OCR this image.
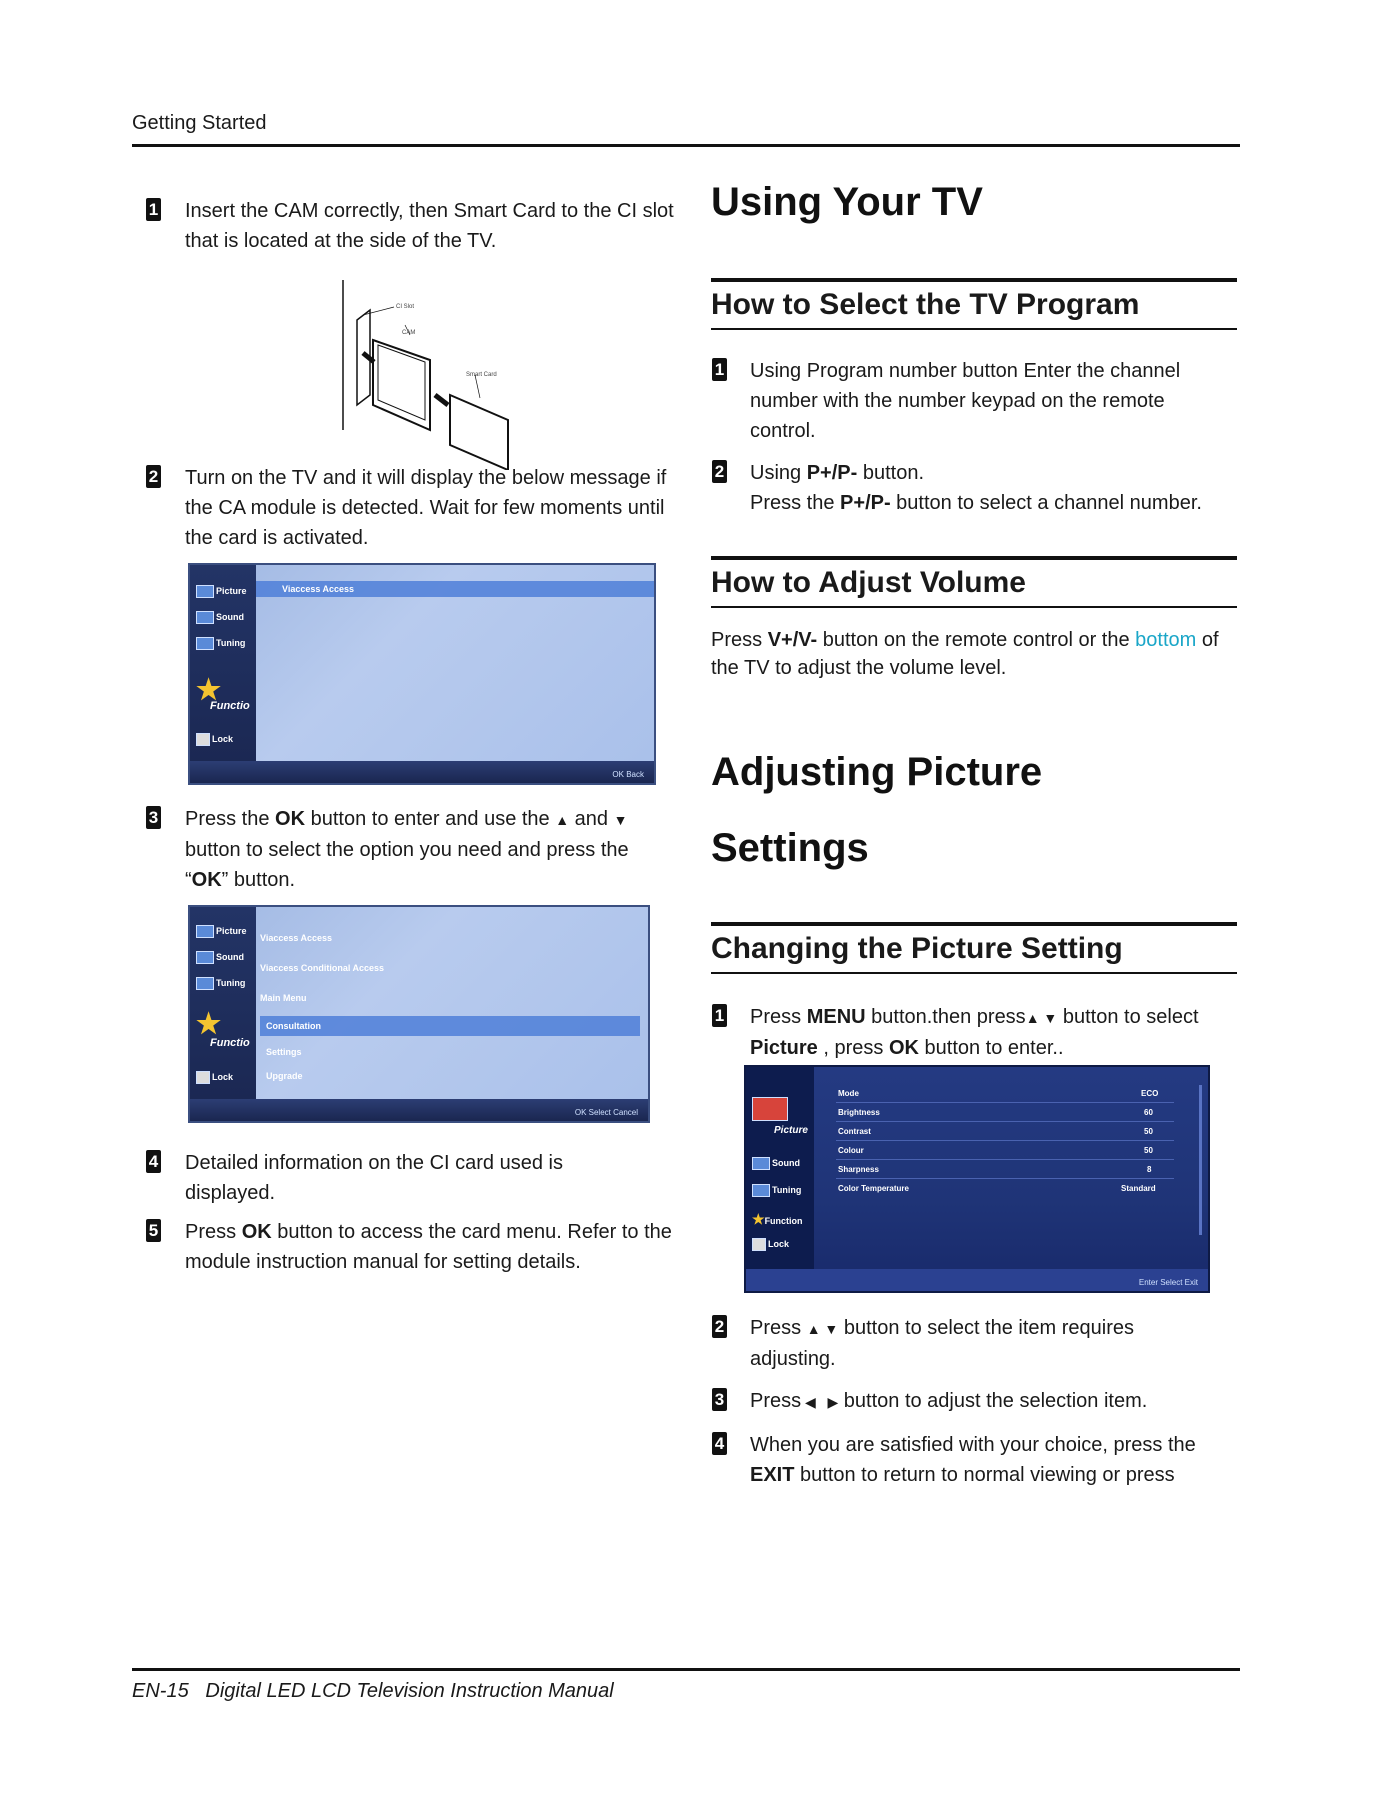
Getting Started
1 Insert the CAM correctly, then Smart Card to the CI slot that is located at the side of the TV.
CI Slot
CAM
Smart Card
2 Turn on the TV and it will display the below message if the CA module is detected. Wait for few moments until the card is activated.
Picture
Sound
Tuning
★
Functio
Lock
Viaccess Access
OK Back
3 Press the OK button to enter and use the ▲ and ▼ button to select the option you need and press the “OK” button.
Picture
Sound
Tuning
★
Functio
Lock
Viaccess Access
Viaccess Conditional Access
Main Menu
Consultation
Settings
Upgrade
OK Select Cancel
4 Detailed information on the CI card used is displayed.
5 Press OK button to access the card menu. Refer to the module instruction manual for setting details.
Using Your TV
How to Select the TV Program
1 Using Program number button Enter the channel number with the number keypad on the remote control.
2 Using P+/P- button.
Press the P+/P- button to select a channel number.
How to Adjust Volume
Press V+/V- button on the remote control or the bottom of the TV to adjust the volume level.
Adjusting Picture
Settings
Changing the Picture Setting
1 Press MENU button.then press▲ ▼ button to select
Picture , press OK button to enter..
Picture
Sound
Tuning
★Function
Lock
Mode	ECO
Brightness	60
Contrast	50
Colour	50
Sharpness	8
Color Temperature	Standard
Enter Select Exit
2 Press ▲ ▼ button to select the item requires adjusting.
3 Press ◀   ▶ button to adjust the selection item.
4 When you are satisfied with your choice, press the EXIT button to return to normal viewing or press
EN-15 Digital LED LCD Television Instruction Manual
